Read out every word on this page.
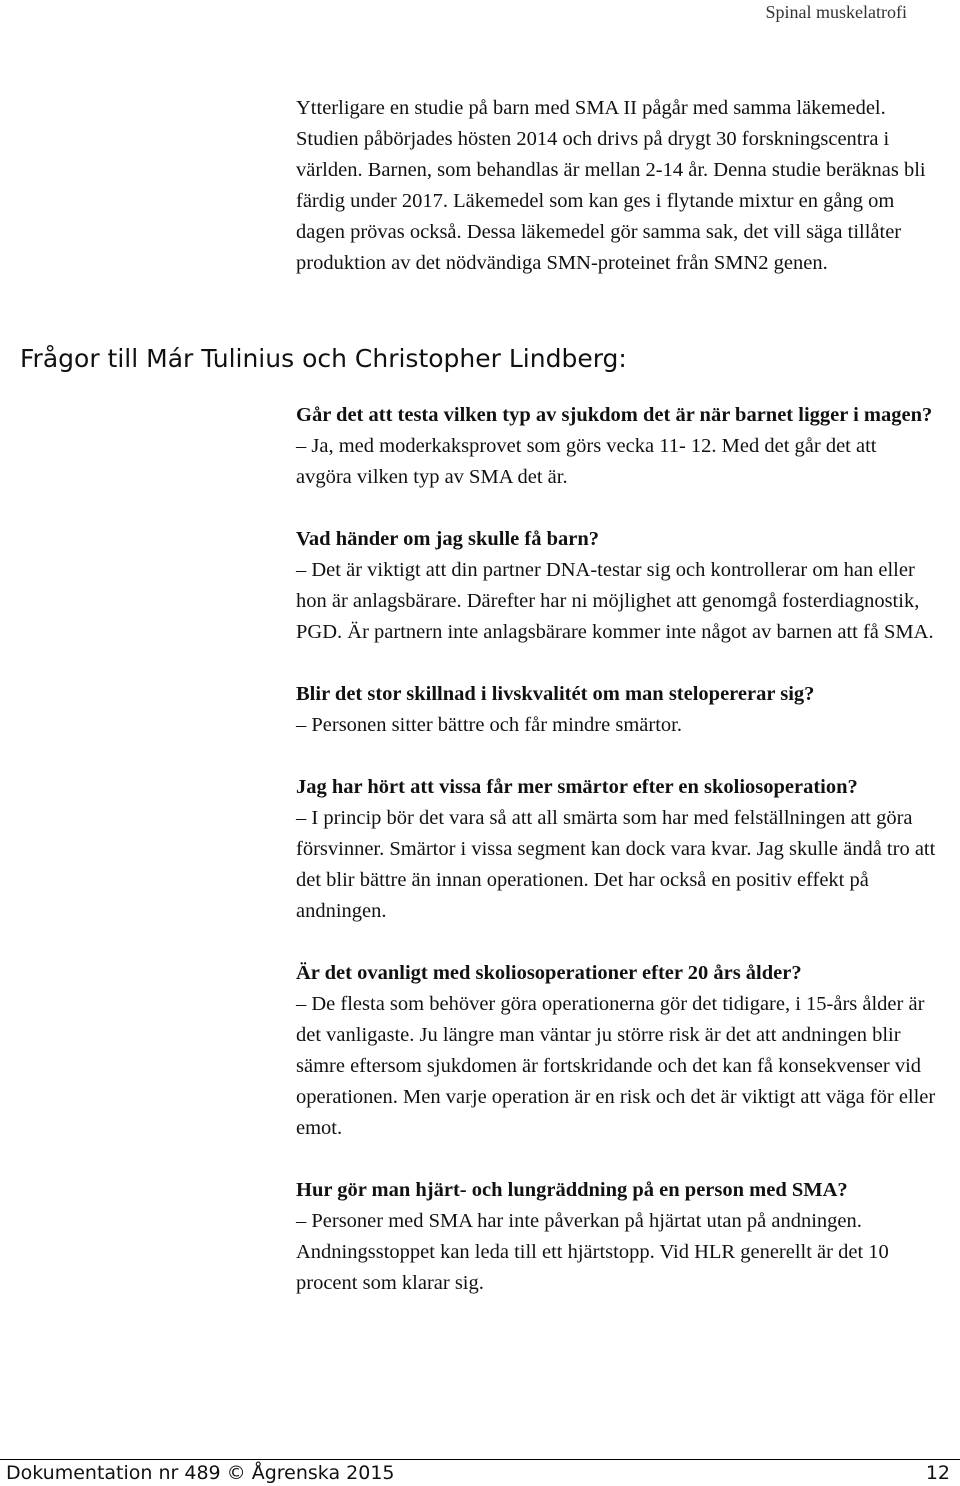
Spinal muskelatrofi

Ytterligare en studie på barn med SMA II pågår med samma läkemedel. Studien påbörjades hösten 2014 och drivs på drygt 30 forskningscentra i världen. Barnen, som behandlas är mellan 2-14 år. Denna studie beräknas bli färdig under 2017. Läkemedel som kan ges i flytande mixtur en gång om dagen prövas också. Dessa läkemedel gör samma sak, det vill säga tillåter produktion av det nödvändiga SMN-proteinet från SMN2 genen.

Frågor till Már Tulinius och Christopher Lindberg:

Går det att testa vilken typ av sjukdom det är när barnet ligger i magen?

– Ja, med moderkaksprovet som görs vecka 11- 12. Med det går det att avgöra vilken typ av SMA det är.

Vad händer om jag skulle få barn?

– Det är viktigt att din partner DNA-testar sig och kontrollerar om han eller hon är anlagsbärare. Därefter har ni möjlighet att genomgå fosterdiagnostik, PGD. Är partnern inte anlagsbärare kommer inte något av barnen att få SMA.

Blir det stor skillnad i livskvalitét om man stelopererar sig?

– Personen sitter bättre och får mindre smärtor.

Jag har hört att vissa får mer smärtor efter en skoliosoperation?

– I princip bör det vara så att all smärta som har med felställningen att göra försvinner. Smärtor i vissa segment kan dock vara kvar. Jag skulle ändå tro att det blir bättre än innan operationen. Det har också en positiv effekt på andningen.

Är det ovanligt med skoliosoperationer efter 20 års ålder?

– De flesta som behöver göra operationerna gör det tidigare, i 15-års ålder är det vanligaste. Ju längre man väntar ju större risk är det att andningen blir sämre eftersom sjukdomen är fortskridande och det kan få konsekvenser vid operationen. Men varje operation är en risk och det är viktigt att väga för eller emot.

Hur gör man hjärt- och lungräddning på en person med SMA?

– Personer med SMA har inte påverkan på hjärtat utan på andningen. Andningsstoppet kan leda till ett hjärtstopp. Vid HLR generellt är det 10 procent som klarar sig.

Dokumentation nr 489 © Ågrenska 2015	12
